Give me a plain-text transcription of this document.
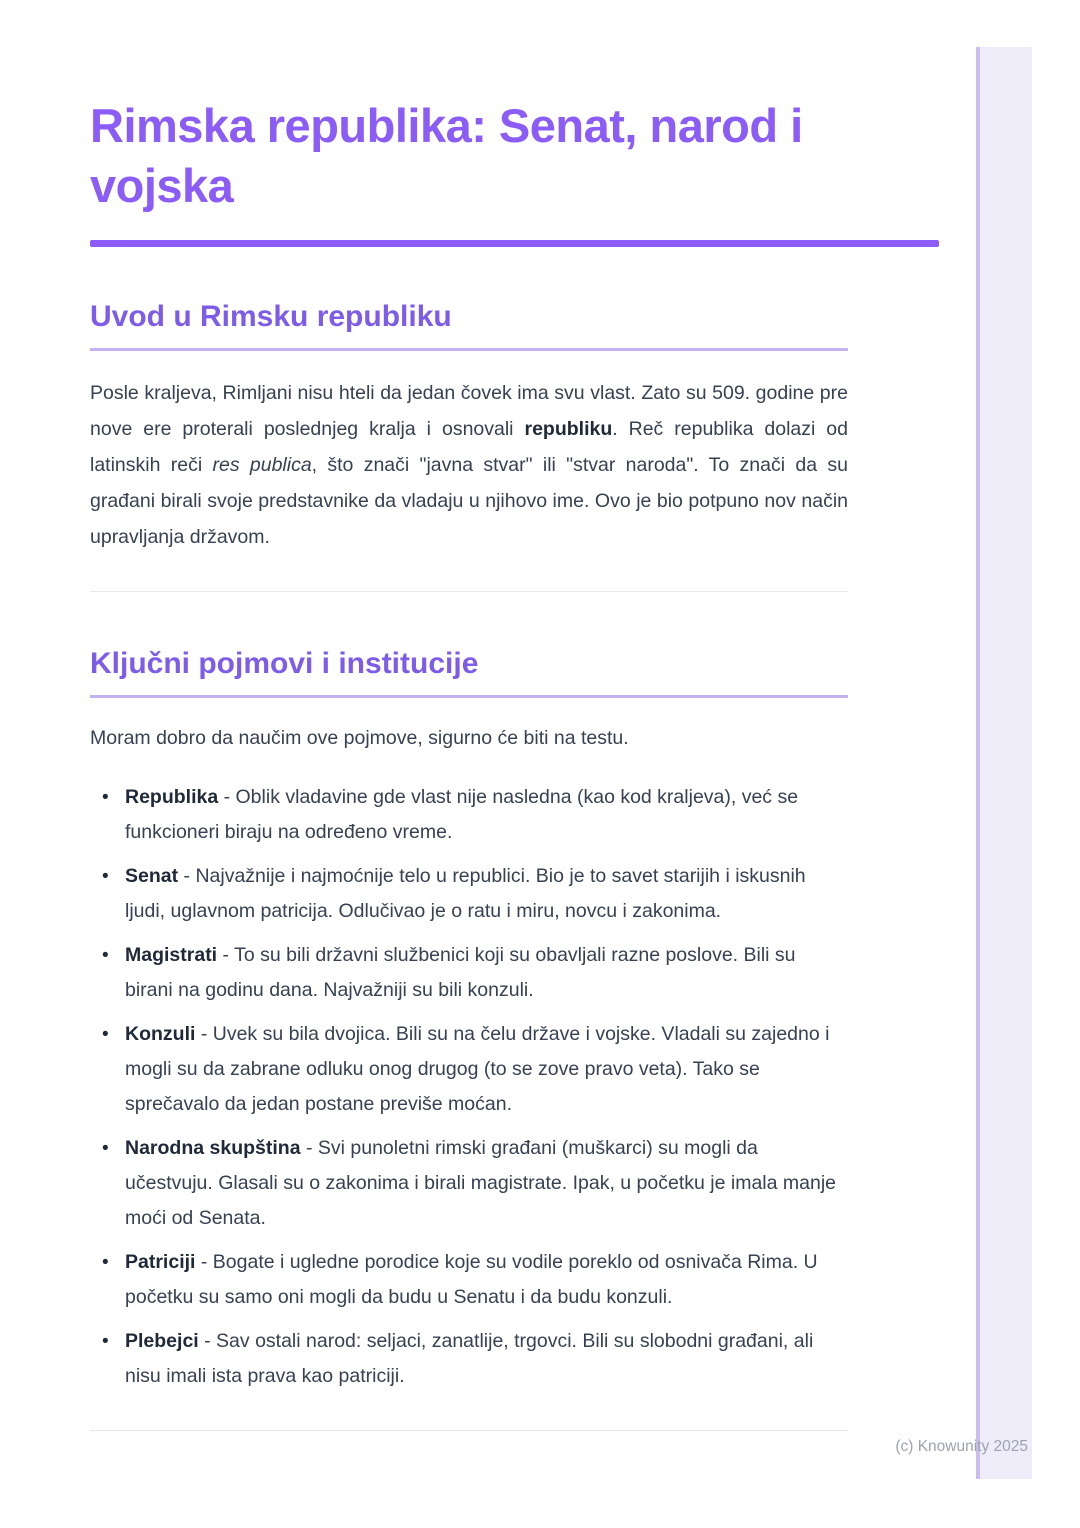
Rimska republika: Senat, narod i vojska
Uvod u Rimsku republiku

Posle kraljeva, Rimljani nisu hteli da jedan čovek ima svu vlast. Zato su 509. godine pre nove ere proterali poslednjeg kralja i osnovali republiku. Reč republika dolazi od latinskih reči res publica, što znači "javna stvar" ili "stvar naroda". To znači da su građani birali svoje predstavnike da vladaju u njihovo ime. Ovo je bio potpuno nov način upravljanja državom.

Ključni pojmovi i institucije

Moram dobro da naučim ove pojmove, sigurno će biti na testu.

• Republika - Oblik vladavine gde vlast nije nasledna (kao kod kraljeva), već se funkcioneri biraju na određeno vreme.
• Senat - Najvažnije i najmoćnije telo u republici. Bio je to savet starijih i iskusnih ljudi, uglavnom patricija. Odlučivao je o ratu i miru, novcu i zakonima.
• Magistrati - To su bili državni službenici koji su obavljali razne poslove. Bili su birani na godinu dana. Najvažniji su bili konzuli.
• Konzuli - Uvek su bila dvojica. Bili su na čelu države i vojske. Vladali su zajedno i mogli su da zabrane odluku onog drugog (to se zove pravo veta). Tako se sprečavalo da jedan postane previše moćan.
• Narodna skupština - Svi punoletni rimski građani (muškarci) su mogli da učestvuju. Glasali su o zakonima i birali magistrate. Ipak, u početku je imala manje moći od Senata.
• Patriciji - Bogate i ugledne porodice koje su vodile poreklo od osnivača Rima. U početku su samo oni mogli da budu u Senatu i da budu konzuli.
• Plebejci - Sav ostali narod: seljaci, zanatlije, trgovci. Bili su slobodni građani, ali nisu imali ista prava kao patriciji.
(c) Knowunity 2025
